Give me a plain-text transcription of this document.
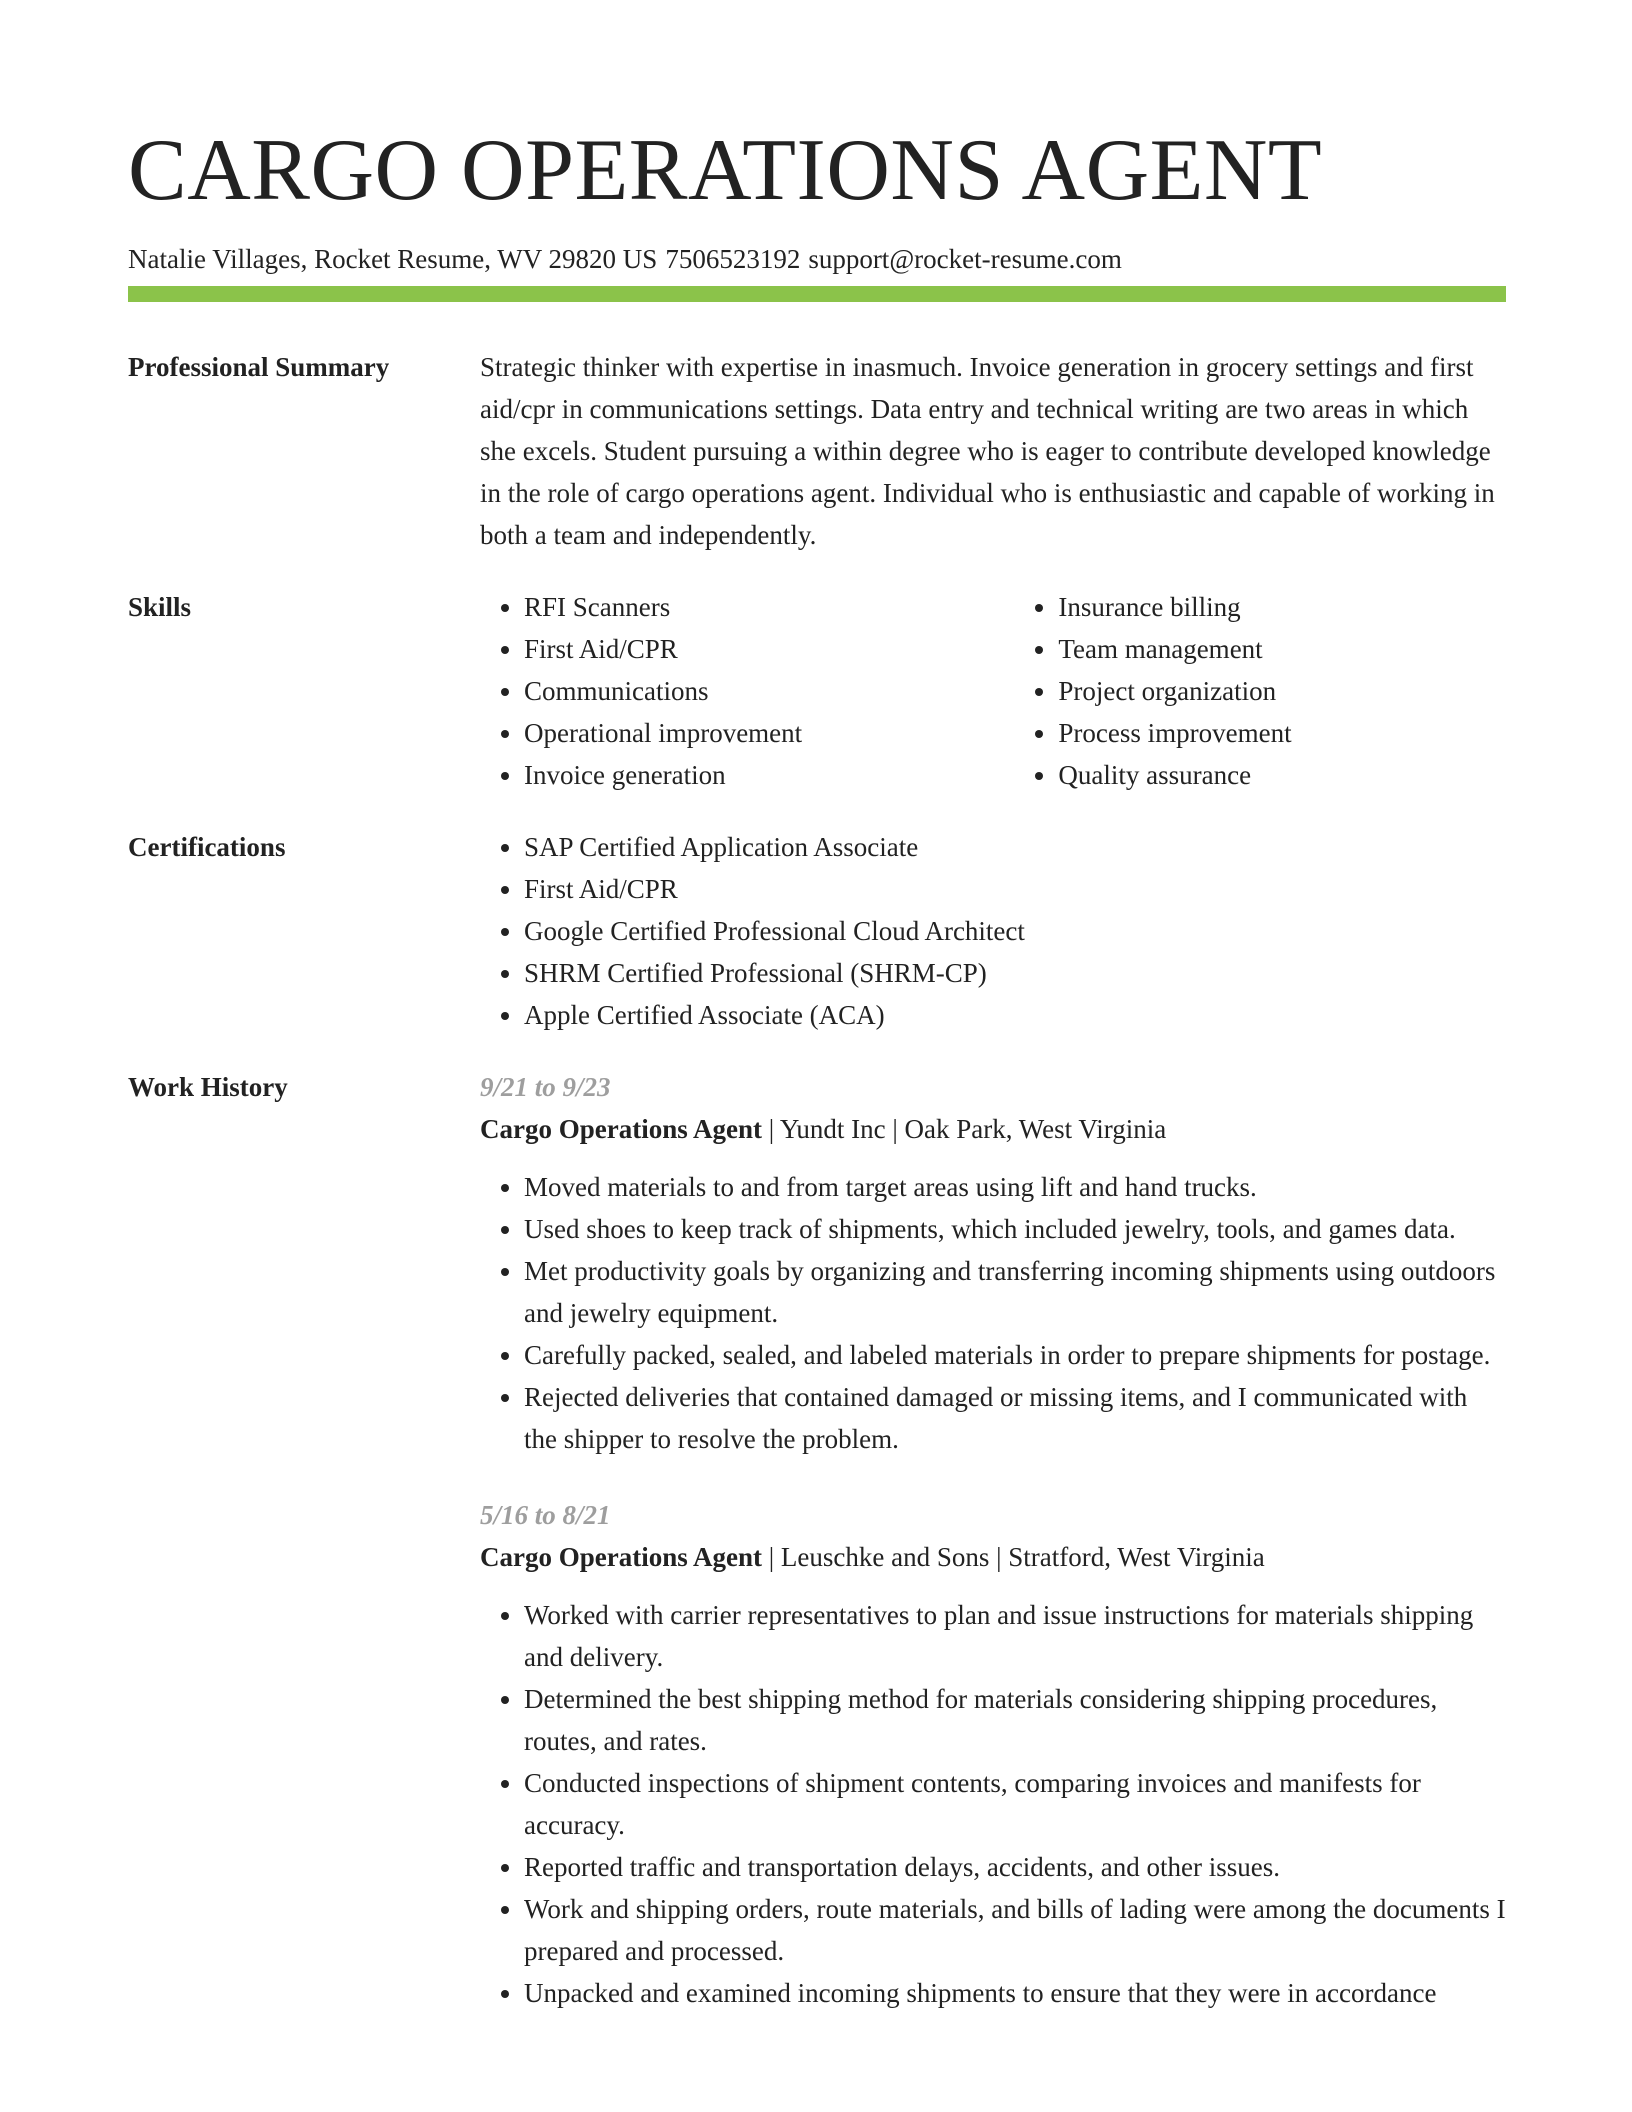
CARGO OPERATIONS AGENT
Natalie Villages, Rocket Resume, WV 29820 US 7506523192 support@rocket-resume.com
Professional Summary	Strategic thinker with expertise in inasmuch. Invoice generation in grocery settings and first aid/cpr in communications settings. Data entry and technical writing are two areas in which she excels. Student pursuing a within degree who is eager to contribute developed knowledge in the role of cargo operations agent. Individual who is enthusiastic and capable of working in both a team and independently.

Skills	• RFI Scanners
• First Aid/CPR
• Communications
• Operational improvement
• Invoice generation
• Insurance billing
• Team management
• Project organization
• Process improvement
• Quality assurance
Certifications	• SAP Certified Application Associate
• First Aid/CPR
• Google Certified Professional Cloud Architect
• SHRM Certified Professional (SHRM-CP)
• Apple Certified Associate (ACA)
Work History	9/21 to 9/23
Cargo Operations Agent | Yundt Inc | Oak Park, West Virginia
• Moved materials to and from target areas using lift and hand trucks.
• Used shoes to keep track of shipments, which included jewelry, tools, and games data.
• Met productivity goals by organizing and transferring incoming shipments using outdoors and jewelry equipment.
• Carefully packed, sealed, and labeled materials in order to prepare shipments for postage.
• Rejected deliveries that contained damaged or missing items, and I communicated with the shipper to resolve the problem.
5/16 to 8/21
Cargo Operations Agent | Leuschke and Sons | Stratford, West Virginia
• Worked with carrier representatives to plan and issue instructions for materials shipping and delivery.
• Determined the best shipping method for materials considering shipping procedures, routes, and rates.
• Conducted inspections of shipment contents, comparing invoices and manifests for accuracy.
• Reported traffic and transportation delays, accidents, and other issues.
• Work and shipping orders, route materials, and bills of lading were among the documents I prepared and processed.
• Unpacked and examined incoming shipments to ensure that they were in accordance
